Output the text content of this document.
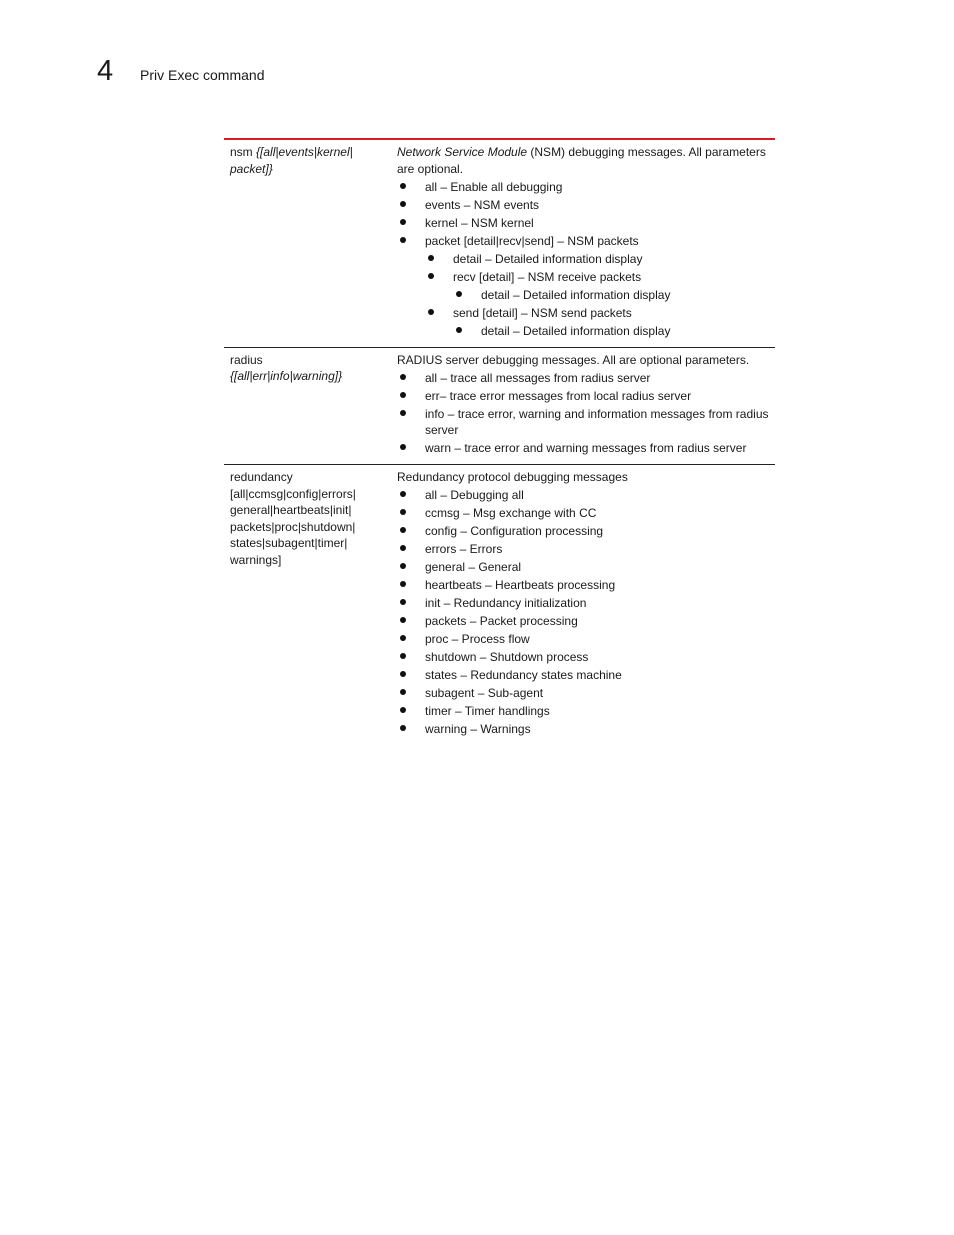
4 Priv Exec command
nsm {[all|events|kernel| packet]}
Network Service Module (NSM) debugging messages. All parameters are optional.
all – Enable all debugging
events – NSM events
kernel – NSM kernel
packet [detail|recv|send] – NSM packets
detail – Detailed information display
recv [detail] – NSM receive packets
detail – Detailed information display
send [detail] – NSM send packets
detail – Detailed information display
radius
{[all|err|info|warning]}
RADIUS server debugging messages. All are optional parameters.
all – trace all messages from radius server
err– trace error messages from local radius server
info – trace error, warning and information messages from radius server
warn – trace error and warning messages from radius server
redundancy [all|ccmsg|config|errors| general|heartbeats|init| packets|proc|shutdown| states|subagent|timer| warnings]
Redundancy protocol debugging messages
all – Debugging all
ccmsg – Msg exchange with CC
config – Configuration processing
errors – Errors
general – General
heartbeats – Heartbeats processing
init – Redundancy initialization
packets – Packet processing
proc – Process flow
shutdown – Shutdown process
states – Redundancy states machine
subagent – Sub-agent
timer – Timer handlings
warning – Warnings
